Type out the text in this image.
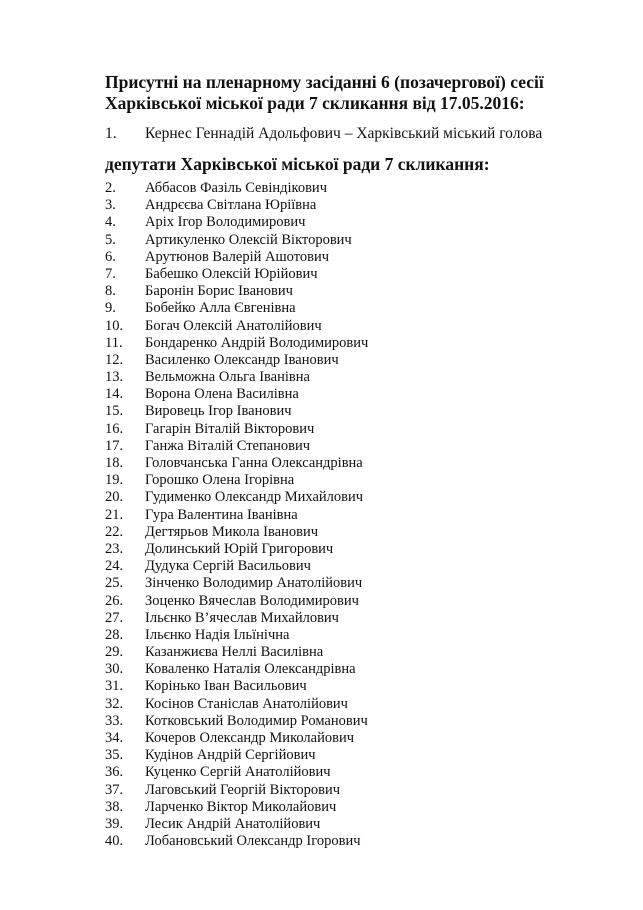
Присутні на пленарному засіданні 6 (позачергової) сесії
Харківської міської ради 7 скликання від 17.05.2016:
1. Кернес Геннадій Адольфович – Харківський міський голова
депутати Харківської міської ради 7 скликання:
2. Аббасов Фазіль Севіндікович
3. Андрєєва Світлана Юріївна
4. Аріх Ігор Володимирович
5. Артикуленко Олексій Вікторович
6. Арутюнов Валерій Ашотович
7. Бабешко Олексій Юрійович
8. Баронін Борис Іванович
9. Бобейко Алла Євгенівна
10. Богач Олексій Анатолійович
11. Бондаренко Андрій Володимирович
12. Василенко Олександр Іванович
13. Вельможна Ольга Іванівна
14. Ворона Олена Василівна
15. Вировець Ігор Іванович
16. Гагарін Віталій Вікторович
17. Ганжа Віталій Степанович
18. Головчанська Ганна Олександрівна
19. Горошко Олена Ігорівна
20. Гудименко Олександр Михайлович
21. Гура Валентина Іванівна
22. Дегтярьов Микола Іванович
23. Долинський Юрій Григорович
24. Дудука Сергій Васильович
25. Зінченко Володимир Анатолійович
26. Зоценко Вячеслав Володимирович
27. Ільєнко В’ячеслав Михайлович
28. Ільєнко Надія Ільїнічна
29. Казанжиєва Неллі Василівна
30. Коваленко Наталія Олександрівна
31. Корінько Іван Васильович
32. Косінов Станіслав Анатолійович
33. Котковський Володимир Романович
34. Кочеров Олександр Миколайович
35. Кудінов Андрій Сергійович
36. Куценко Сергій Анатолійович
37. Лаговський Георгій Вікторович
38. Ларченко Віктор Миколайович
39. Лесик Андрій Анатолійович
40. Лобановський Олександр Ігорович
